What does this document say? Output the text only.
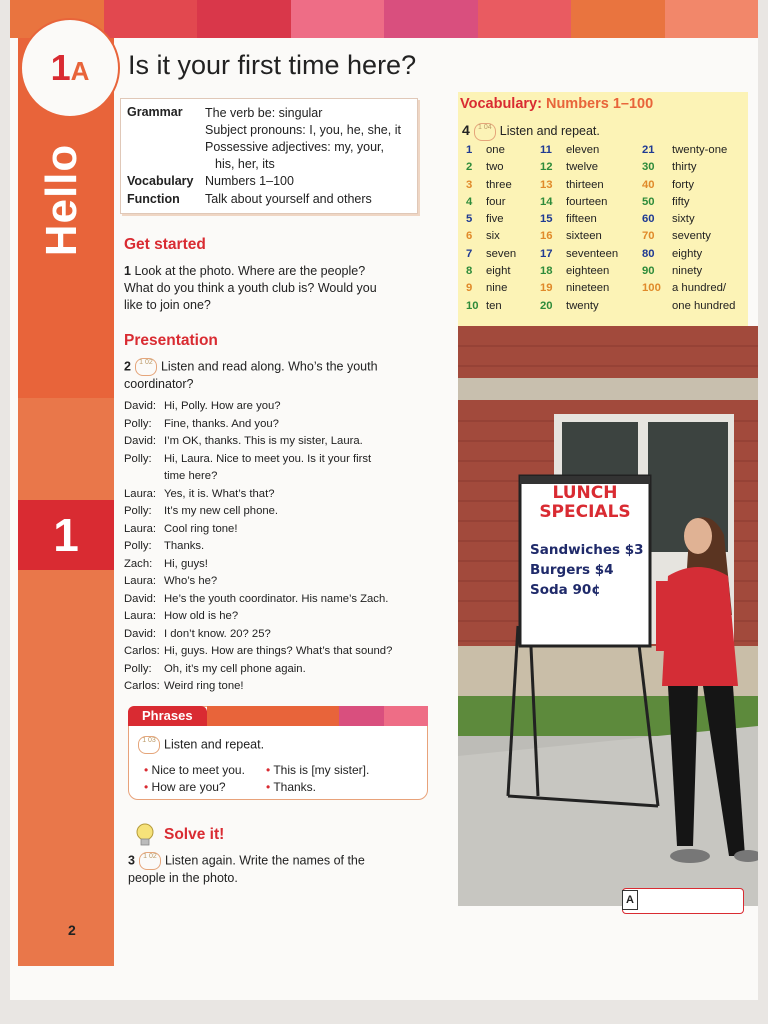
Hello
1
1A
2
Is it your first time here?
Grammar	The verb be: singular
Subject pronouns: I, you, he, she, it
Possessive adjectives: my, your,
his, her, its
Vocabulary Numbers 1–100
Function	Talk about yourself and others
Get started
1 Look at the photo. Where are the people?
What do you think a youth club is? Would you
like to join one?
Presentation
2 1 02 Listen and read along. Who’s the youth
coordinator?
David: Hi, Polly. How are you?
Polly:	Fine, thanks. And you?
David: I’m OK, thanks. This is my sister, Laura.
Polly:	Hi, Laura. Nice to meet you. Is it your first
time here?
Laura: Yes, it is. What’s that?
Polly:	It’s my new cell phone.
Laura: Cool ring tone!
Polly:	Thanks.
Zach:	Hi, guys!
Laura: Who’s he?
David: He’s the youth coordinator. His name’s Zach.
Laura: How old is he?
David: I don’t know. 20? 25?
Carlos: Hi, guys. How are things? What’s that sound?
Polly:	Oh, it’s my cell phone again.
Carlos: Weird ring tone!
Phrases
1 03 Listen and repeat.
• Nice to meet you.
• How are you?
• This is [my sister].
• Thanks.
Solve it!
3 1 02 Listen again. Write the names of the
people in the photo.
Vocabulary: Numbers 1–100
4 1 04 Listen and repeat.
1	one
2	two
3	three
4	four
5	five
6	six
7	seven
8	eight
9	nine
10 ten
11	eleven
12	twelve
13	thirteen
14	fourteen
15	fifteen
16	sixteen
17	seventeen
18	eighteen
19	nineteen
20	twenty
21	twenty-one
30	thirty
40	forty
50	fifty
60	sixty
70	seventy
80	eighty
90	ninety
100 a hundred/
one hundred
LUNCH
SPECIALS
Sandwiches $3
Burgers $4
Soda 90¢
A
